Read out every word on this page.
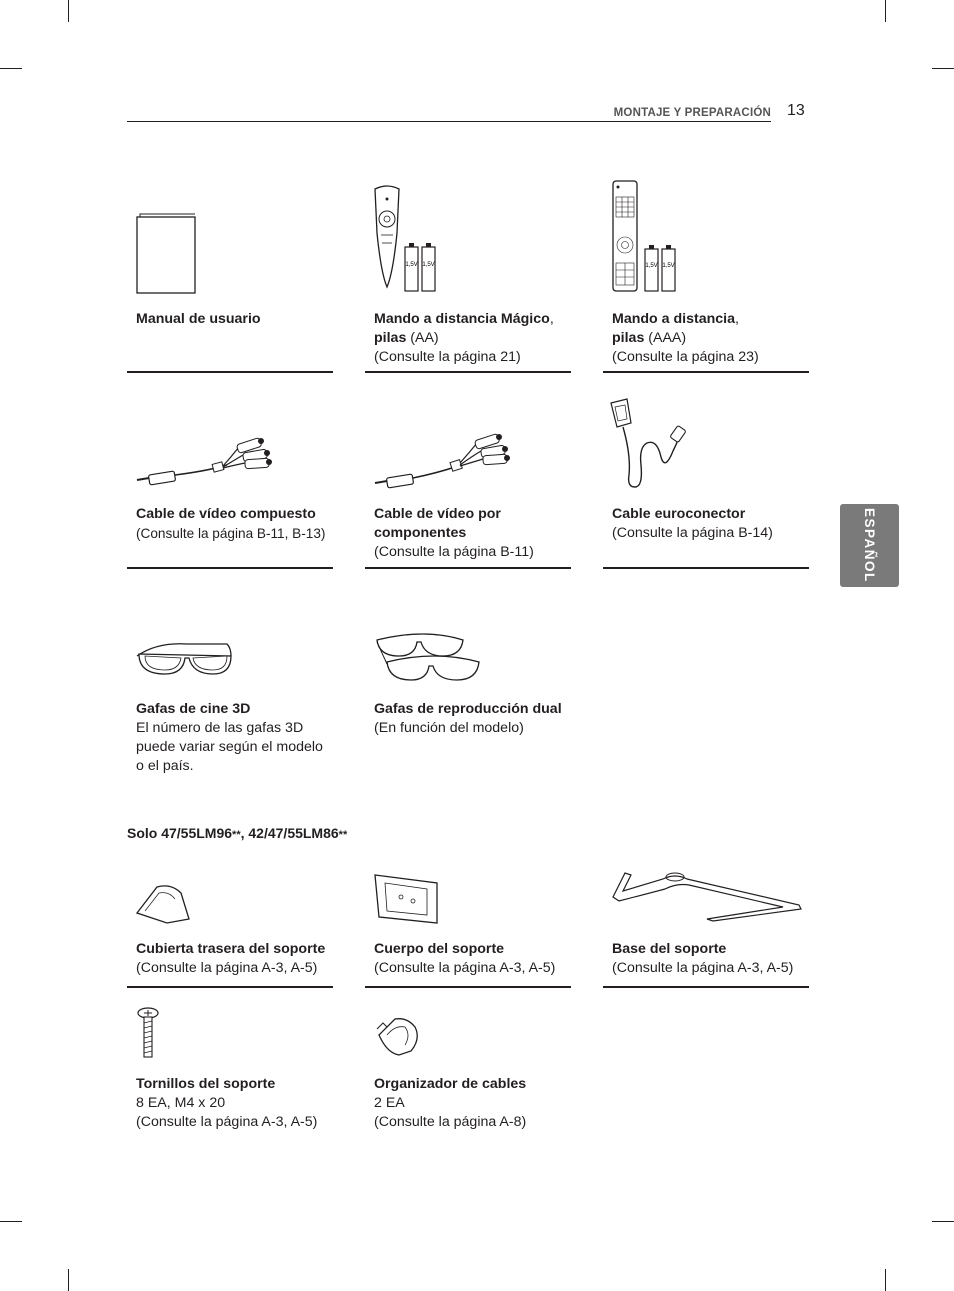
MONTAJE Y PREPARACIÓN 13
ESPAÑOL
Manual de usuario
1,5V 1,5V
Mando a distancia Mágico,
pilas (AA)
(Consulte la página 21)
1,5V 1,5V
Mando a distancia,
pilas (AAA)
(Consulte la página 23)
Cable de vídeo compuesto
(Consulte la página B-11, B-13)
Cable de vídeo por
componentes
(Consulte la página B-11)
Cable euroconector
(Consulte la página B-14)
Gafas de cine 3D
El número de las gafas 3D
puede variar según el modelo
o el país.
Gafas de reproducción dual
(En función del modelo)
Solo 47/55LM96**, 42/47/55LM86**
Cubierta trasera del soporte
(Consulte la página A-3, A-5)
Cuerpo del soporte
(Consulte la página A-3, A-5)
Base del soporte
(Consulte la página A-3, A-5)
Tornillos del soporte
8 EA, M4 x 20
(Consulte la página A-3, A-5)
Organizador de cables
2 EA
(Consulte la página A-8)
